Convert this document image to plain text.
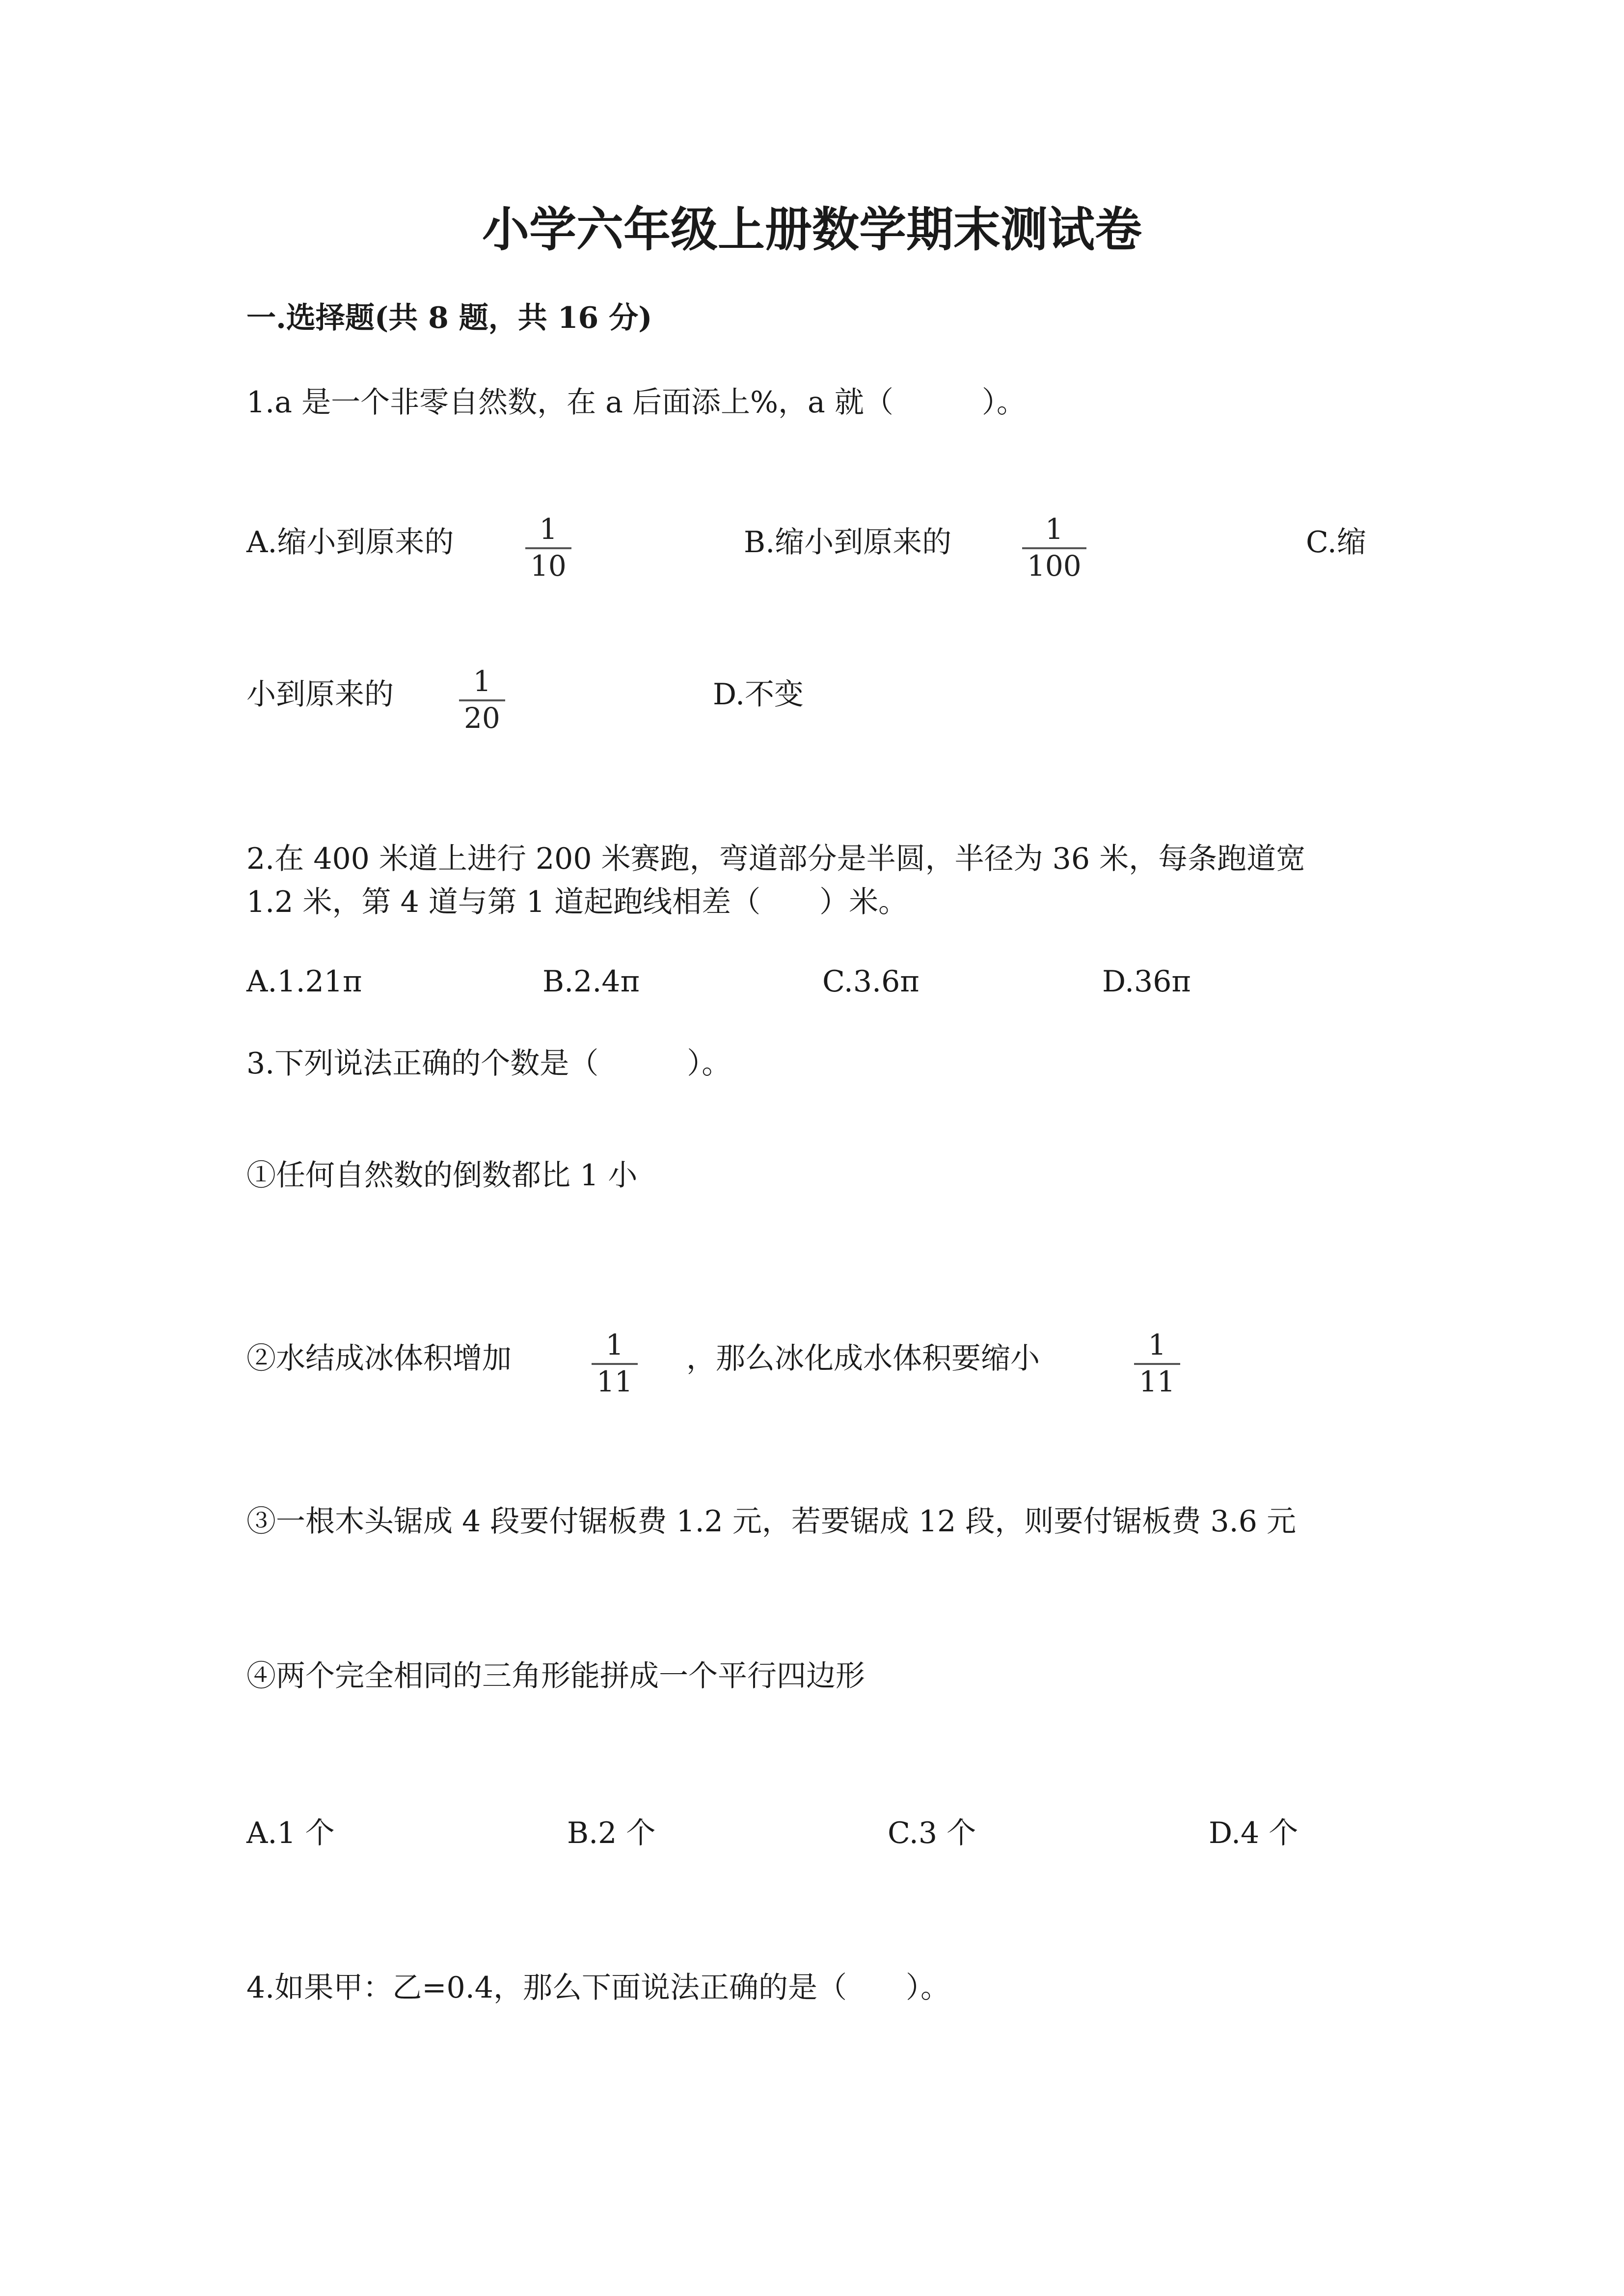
小学六年级上册数学期末测试卷
一.选择题(共 8 题，共 16 分)
1.a 是一个非零自然数，在 a 后面添上%，a 就（　　　）。
A.缩小到原来的	1
10
B.缩小到原来的	1
100
C.缩
小到原来的	1
20
D.不变
2.在 400 米道上进行 200 米赛跑，弯道部分是半圆，半径为 36 米，每条跑道宽
1.2 米，第 4 道与第 1 道起跑线相差（　　）米。
A.1.21π	B.2.4π	C.3.6π	D.36π
3.下列说法正确的个数是（　　　）。
①任何自然数的倒数都比 1 小
②水结成冰体积增加	1
11
，那么冰化成水体积要缩小	1
11
③一根木头锯成 4 段要付锯板费 1.2 元，若要锯成 12 段，则要付锯板费 3.6 元
④两个完全相同的三角形能拼成一个平行四边形
A.1 个	B.2 个	C.3 个	D.4 个
4.如果甲：乙=0.4，那么下面说法正确的是（　　）。
